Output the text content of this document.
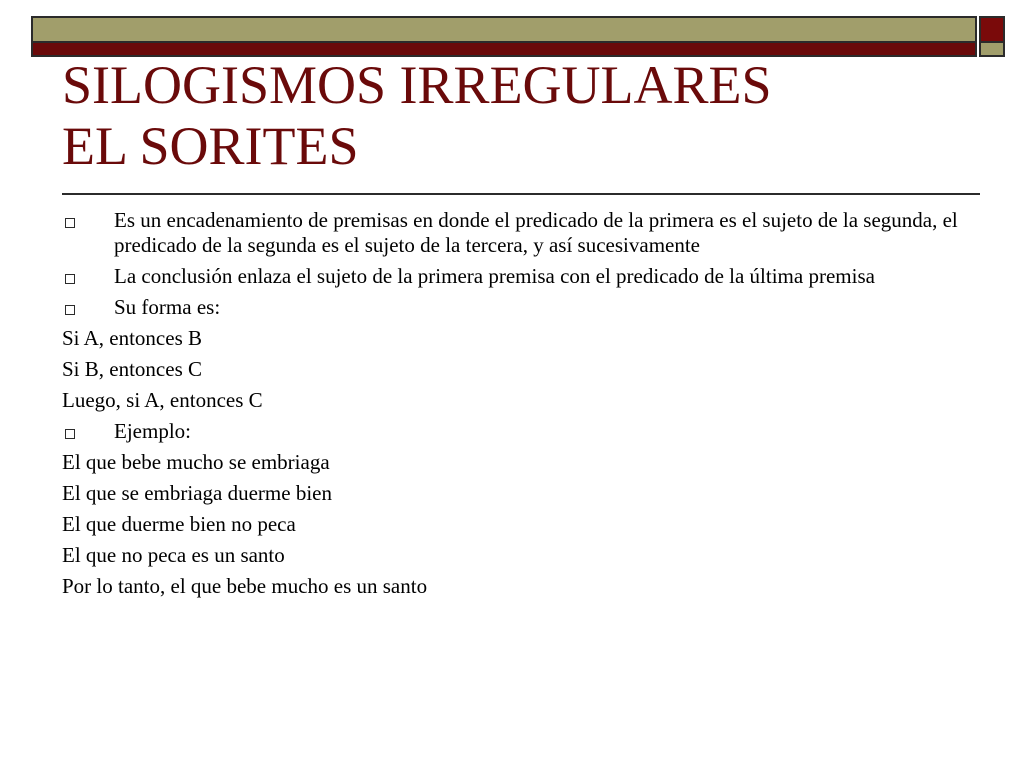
SILOGISMOS IRREGULARES
EL SORITES
Es un encadenamiento de premisas en donde el predicado de la primera es el sujeto de la segunda, el predicado de la segunda es el sujeto de la tercera, y así sucesivamente
La conclusión enlaza el sujeto de la primera premisa con el predicado de la última premisa
Su forma es:
Si A, entonces B
Si B, entonces C
Luego, si A, entonces C
Ejemplo:
El que bebe mucho se embriaga
El que se embriaga duerme bien
El que duerme bien no peca
El que no peca es un santo
Por lo tanto, el que bebe mucho es un santo
